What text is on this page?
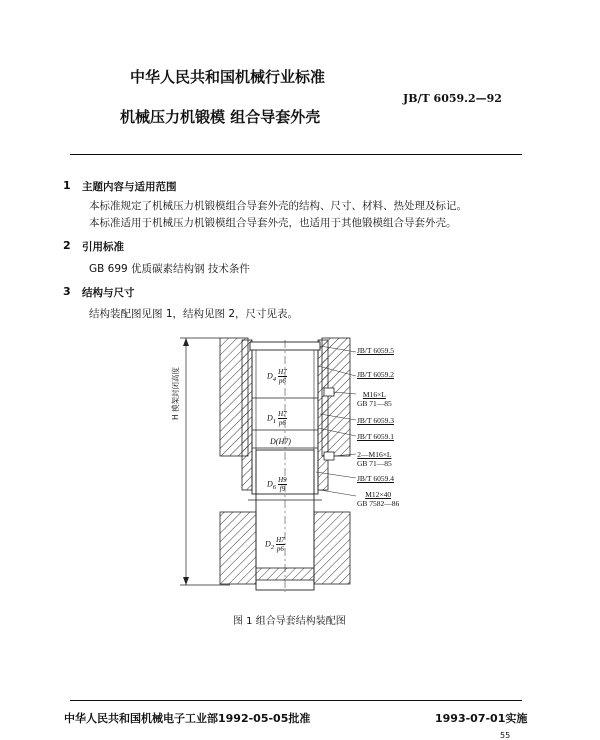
中华人民共和国机械行业标准
机械压力机锻模 组合导套外壳
JB/T 6059.2—92
1 主题内容与适用范围
本标准规定了机械压力机锻模组合导套外壳的结构、尺寸、材料、热处理及标记。
本标准适用于机械压力机锻模组合导套外壳，也适用于其他锻模组合导套外壳。
2 引用标准
GB 699 优质碳素结构钢 技术条件
3 结构与尺寸
结构装配图见图 1，结构见图 2，尺寸见表。
H 模架封闭高度	$D_4 \frac{H7}{p6}$
$D_1 \frac{H7}{p6}$
D(H7)
$D_6 \frac{H9}{f9}$
$D_2 \frac{H7}{p6}$
JB/T 6059.5
JB/T 6059.2
M16×L
GB 71—85
JB/T 6059.3
JB/T 6059.1
2—M16×L
GB 71—85
JB/T 6059.4
M12×40
GB 7582—86
图 1 组合导套结构装配图
中华人民共和国机械电子工业部1992-05-05批准	1993-07-01实施
55
